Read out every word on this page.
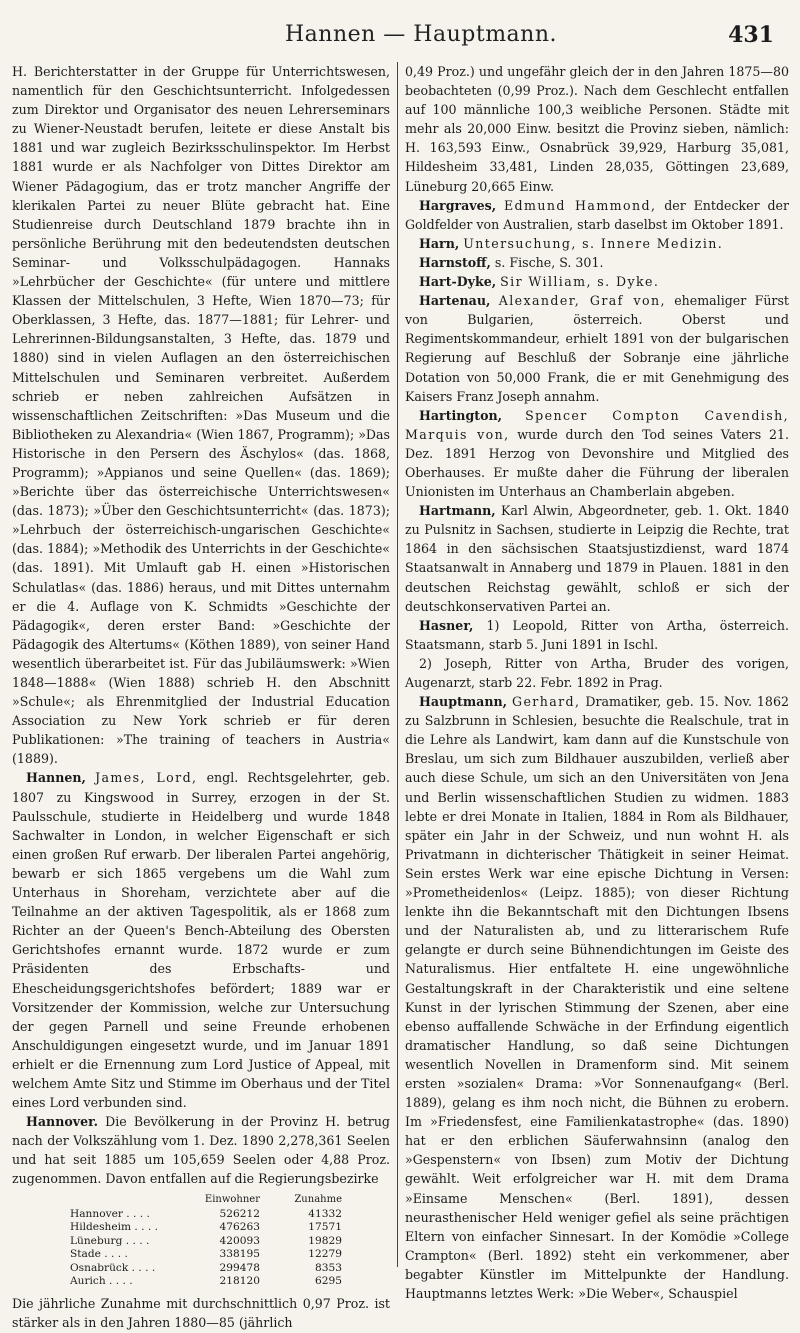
Hannen — Hauptmann.	431

H. Berichterstatter in der Gruppe für Unterrichtswesen, namentlich für den Geschichtsunterricht. Infolgedessen zum Direktor und Organisator des neuen Lehrerseminars zu Wiener-Neustadt berufen, leitete er diese Anstalt bis 1881 und war zugleich Bezirksschulinspektor. Im Herbst 1881 wurde er als Nachfolger von Dittes Direktor am Wiener Pädagogium, das er trotz mancher Angriffe der klerikalen Partei zu neuer Blüte gebracht hat. Eine Studienreise durch Deutschland 1879 brachte ihn in persönliche Berührung mit den bedeutendsten deutschen Seminar- und Volksschulpädagogen. Hannaks »Lehrbücher der Geschichte« (für untere und mittlere Klassen der Mittelschulen, 3 Hefte, Wien 1870—73; für Oberklassen, 3 Hefte, das. 1877—1881; für Lehrer- und Lehrerinnen-Bildungsanstalten, 3 Hefte, das. 1879 und 1880) sind in vielen Auflagen an den österreichischen Mittelschulen und Seminaren verbreitet. Außerdem schrieb er neben zahlreichen Aufsätzen in wissenschaftlichen Zeitschriften: »Das Museum und die Bibliotheken zu Alexandria« (Wien 1867, Programm); »Das Historische in den Persern des Äschylos« (das. 1868, Programm); »Appianos und seine Quellen« (das. 1869); »Berichte über das österreichische Unterrichtswesen« (das. 1873); »Über den Geschichtsunterricht« (das. 1873); »Lehrbuch der österreichisch-ungarischen Geschichte« (das. 1884); »Methodik des Unterrichts in der Geschichte« (das. 1891). Mit Umlauft gab H. einen »Historischen Schulatlas« (das. 1886) heraus, und mit Dittes unternahm er die 4. Auflage von K. Schmidts »Geschichte der Pädagogik«, deren erster Band: »Geschichte der Pädagogik des Altertums« (Köthen 1889), von seiner Hand wesentlich überarbeitet ist. Für das Jubiläumswerk: »Wien 1848—1888« (Wien 1888) schrieb H. den Abschnitt »Schule«; als Ehrenmitglied der Industrial Education Association zu New York schrieb er für deren Publikationen: »The training of teachers in Austria« (1889).

Hannen, James, Lord, engl. Rechtsgelehrter, geb. 1807 zu Kingswood in Surrey, erzogen in der St. Paulsschule, studierte in Heidelberg und wurde 1848 Sachwalter in London, in welcher Eigenschaft er sich einen großen Ruf erwarb. Der liberalen Partei angehörig, bewarb er sich 1865 vergebens um die Wahl zum Unterhaus in Shoreham, verzichtete aber auf die Teilnahme an der aktiven Tagespolitik, als er 1868 zum Richter an der Queen's Bench-Abteilung des Obersten Gerichtshofes ernannt wurde. 1872 wurde er zum Präsidenten des Erbschafts- und Ehescheidungsgerichtshofes befördert; 1889 war er Vorsitzender der Kommission, welche zur Untersuchung der gegen Parnell und seine Freunde erhobenen Anschuldigungen eingesetzt wurde, und im Januar 1891 erhielt er die Ernennung zum Lord Justice of Appeal, mit welchem Amte Sitz und Stimme im Oberhaus und der Titel eines Lord verbunden sind.

Hannover. Die Bevölkerung in der Provinz H. betrug nach der Volkszählung vom 1. Dez. 1890 2,278,361 Seelen und hat seit 1885 um 105,659 Seelen oder 4,88 Proz. zugenommen. Davon entfallen auf die Regierungsbezirke

	Einwohner	Zunahme
Hannover . . . .	526212	41332
Hildesheim . . . .	476263	17571
Lüneburg . . . .	420093	19829
Stade . . . .	338195	12279
Osnabrück . . . .	299478	8353
Aurich . . . .	218120	6295

Die jährliche Zunahme mit durchschnittlich 0,97 Proz. ist stärker als in den Jahren 1880—85 (jährlich

0,49 Proz.) und ungefähr gleich der in den Jahren 1875—80 beobachteten (0,99 Proz.). Nach dem Geschlecht entfallen auf 100 männliche 100,3 weibliche Personen. Städte mit mehr als 20,000 Einw. besitzt die Provinz sieben, nämlich: H. 163,593 Einw., Osnabrück 39,929, Harburg 35,081, Hildesheim 33,481, Linden 28,035, Göttingen 23,689, Lüneburg 20,665 Einw.

Hargraves, Edmund Hammond, der Entdecker der Goldfelder von Australien, starb daselbst im Oktober 1891.

Harn, Untersuchung, s. Innere Medizin.

Harnstoff, s. Fische, S. 301.

Hart-Dyke, Sir William, s. Dyke.

Hartenau, Alexander, Graf von, ehemaliger Fürst von Bulgarien, österreich. Oberst und Regimentskommandeur, erhielt 1891 von der bulgarischen Regierung auf Beschluß der Sobranje eine jährliche Dotation von 50,000 Frank, die er mit Genehmigung des Kaisers Franz Joseph annahm.

Hartington, Spencer Compton Cavendish, Marquis von, wurde durch den Tod seines Vaters 21. Dez. 1891 Herzog von Devonshire und Mitglied des Oberhauses. Er mußte daher die Führung der liberalen Unionisten im Unterhaus an Chamberlain abgeben.

Hartmann, Karl Alwin, Abgeordneter, geb. 1. Okt. 1840 zu Pulsnitz in Sachsen, studierte in Leipzig die Rechte, trat 1864 in den sächsischen Staatsjustizdienst, ward 1874 Staatsanwalt in Annaberg und 1879 in Plauen. 1881 in den deutschen Reichstag gewählt, schloß er sich der deutschkonservativen Partei an.

Hasner, 1) Leopold, Ritter von Artha, österreich. Staatsmann, starb 5. Juni 1891 in Ischl.

2) Joseph, Ritter von Artha, Bruder des vorigen, Augenarzt, starb 22. Febr. 1892 in Prag.

Hauptmann, Gerhard, Dramatiker, geb. 15. Nov. 1862 zu Salzbrunn in Schlesien, besuchte die Realschule, trat in die Lehre als Landwirt, kam dann auf die Kunstschule von Breslau, um sich zum Bildhauer auszubilden, verließ aber auch diese Schule, um sich an den Universitäten von Jena und Berlin wissenschaftlichen Studien zu widmen. 1883 lebte er drei Monate in Italien, 1884 in Rom als Bildhauer, später ein Jahr in der Schweiz, und nun wohnt H. als Privatmann in dichterischer Thätigkeit in seiner Heimat. Sein erstes Werk war eine epische Dichtung in Versen: »Prometheidenlos« (Leipz. 1885); von dieser Richtung lenkte ihn die Bekanntschaft mit den Dichtungen Ibsens und der Naturalisten ab, und zu litterarischem Rufe gelangte er durch seine Bühnendichtungen im Geiste des Naturalismus. Hier entfaltete H. eine ungewöhnliche Gestaltungskraft in der Charakteristik und eine seltene Kunst in der lyrischen Stimmung der Szenen, aber eine ebenso auffallende Schwäche in der Erfindung eigentlich dramatischer Handlung, so daß seine Dichtungen wesentlich Novellen in Dramenform sind. Mit seinem ersten »sozialen« Drama: »Vor Sonnenaufgang« (Berl. 1889), gelang es ihm noch nicht, die Bühnen zu erobern. Im »Friedensfest, eine Familienkatastrophe« (das. 1890) hat er den erblichen Säuferwahnsinn (analog den »Gespenstern« von Ibsen) zum Motiv der Dichtung gewählt. Weit erfolgreicher war H. mit dem Drama »Einsame Menschen« (Berl. 1891), dessen neurasthenischer Held weniger gefiel als seine prächtigen Eltern von einfacher Sinnesart. In der Komödie »College Crampton« (Berl. 1892) steht ein verkommener, aber begabter Künstler im Mittelpunkte der Handlung. Hauptmanns letztes Werk: »Die Weber«, Schauspiel
